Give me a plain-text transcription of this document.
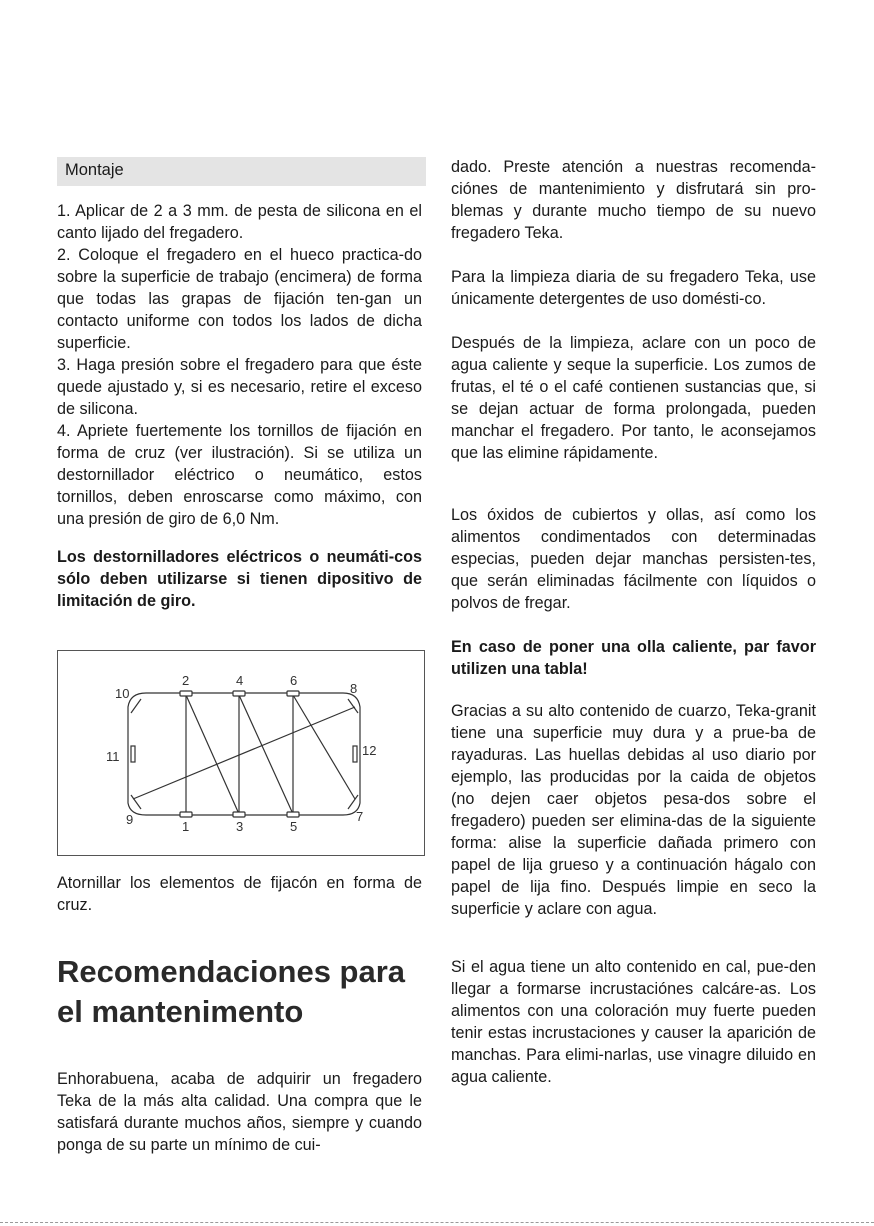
Montaje

1. Aplicar de 2 a 3 mm. de pesta de silicona en el canto lijado del fregadero.

2. Coloque el fregadero en el hueco practica-do sobre la superficie de trabajo (encimera) de forma que todas las grapas de fijación ten-gan un contacto uniforme con todos los lados de dicha superficie.

3. Haga presión sobre el fregadero para que éste quede ajustado y, si es necesario, retire el exceso de silicona.

4. Apriete fuertemente los tornillos de fijación en forma de cruz (ver ilustración). Si se utiliza un destornillador eléctrico o neumático, estos tornillos, deben enroscarse como máximo, con una presión de giro de 6,0 Nm.

Los destornilladores eléctricos o neumáti-cos sólo deben utilizarse si tienen dipositivo de limitación de giro.

1
2
3
4
5
6
7
8
9
10
11	12

Atornillar los elementos de fijacón en forma de cruz.

Recomendaciones para el mantenimento

Enhorabuena, acaba de adquirir un fregadero Teka de la más alta calidad. Una compra que le satisfará durante muchos años, siempre y cuando ponga de su parte un mínimo de cui-

dado. Preste atención a nuestras recomenda-ciónes de mantenimiento y disfrutará sin pro-blemas y durante mucho tiempo de su nuevo fregadero Teka.

Para la limpieza diaria de su fregadero Teka, use únicamente detergentes de uso domésti-co.

Después de la limpieza, aclare con un poco de agua caliente y seque la superficie. Los zumos de frutas, el té o el café contienen sustancias que, si se dejan actuar de forma prolongada, pueden manchar el fregadero. Por tanto, le aconsejamos que las elimine rápidamente.

Los óxidos de cubiertos y ollas, así como los alimentos condimentados con determinadas especias, pueden dejar manchas persisten-tes, que serán eliminadas fácilmente con líquidos o polvos de fregar.

En caso de poner una olla caliente, par favor utilizen una tabla!

Gracias a su alto contenido de cuarzo, Teka-granit tiene una superficie muy dura y a prue-ba de rayaduras. Las huellas debidas al uso diario por ejemplo, las producidas por la caida de objetos (no dejen caer objetos pesa-dos sobre el fregadero) pueden ser elimina-das de la siguiente forma: alise la superficie dañada primero con papel de lija grueso y a continuación hágalo con papel de lija fino. Después limpie en seco la superficie y aclare con agua.

Si el agua tiene un alto contenido en cal, pue-den llegar a formarse incrustaciónes calcáre-as. Los alimentos con una coloración muy fuerte pueden tenir estas incrustaciones y causer la aparición de manchas. Para elimi-narlas, use vinagre diluido en agua caliente.
